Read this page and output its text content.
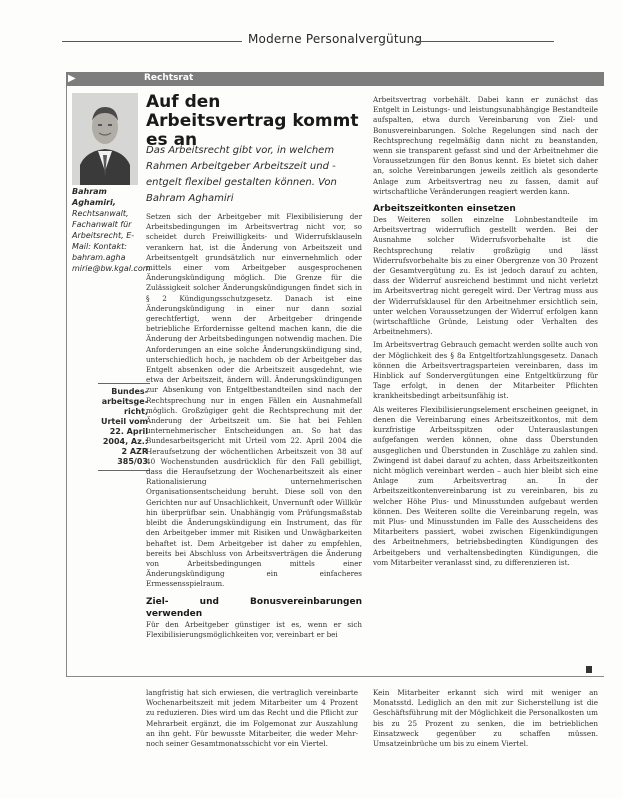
Moderne Personalvergütung
▶	Rechtsrat
Bahram Aghamiri,
Rechtsanwalt, Fachanwalt für Arbeitsrecht, E-Mail: Kontakt: bahram.agha mirie@bw.kgal.com
Bundes-arbeitsge-richt, Urteil vom 22. April 2004, Az.: 2 AZR 385/03
Auf den Arbeitsvertrag kommt es an
Das Arbeitsrecht gibt vor, in welchem Rahmen Arbeitgeber Arbeitszeit und -entgelt flexibel gestalten können. Von Bahram Aghamiri

Setzen sich der Arbeitgeber mit Flexibilisierung der Arbeitsbedingungen im Arbeitsvertrag nicht vor, so scheidet durch Freiwilligkeits- und Widerrufsklauseln verankern hat, ist die Änderung von Arbeitszeit und Arbeitsentgelt grundsätzlich nur einvernehmlich oder mittels einer vom Arbeitgeber ausgesprochenen Änderungskündigung möglich. Die Grenze für die Zulässigkeit solcher Änderungskündigungen findet sich in § 2 Kündigungsschutzgesetz. Danach ist eine Änderungskündigung in einer nur dann sozial gerechtfertigt, wenn der Arbeitgeber dringende betriebliche Erfordernisse geltend machen kann, die die Änderung der Arbeitsbedingungen notwendig machen. Die Anforderungen an eine solche Änderungskündigung sind, unterschiedlich hoch, je nachdem ob der Arbeitgeber das Entgelt absenken oder die Arbeitszeit ausgedehnt, wie etwa der Arbeitszeit, ändern will. Änderungskündigungen zur Absenkung von Entgeltbestandteilen sind nach der Rechtsprechung nur in engen Fällen ein Ausnahmefall möglich. Großzügiger geht die Rechtsprechung mit der Änderung der Arbeitszeit um. Sie hat bei Fehlen unternehmerischer Entscheidungen an. So hat das Bundesarbeitsgericht mit Urteil vom 22. April 2004 die Heraufsetzung der wöchentlichen Arbeitszeit von 38 auf 40 Wochenstunden ausdrücklich für den Fall gebilligt, dass die Heraufsetzung der Wochenarbeitszeit als einer Rationalisierung unternehmerischen Organisationsentscheidung beruht. Diese soll von den Gerichten nur auf Unsachlichkeit, Unvernunft oder Willkür hin überprüfbar sein. Unabhängig vom Prüfungsmaßstab bleibt die Änderungskündigung ein Instrument, das für den Arbeitgeber immer mit Risiken und Unwägbarkeiten behaftet ist. Dem Arbeitgeber ist daher zu empfehlen, bereits bei Abschluss von Arbeitsverträgen die Änderung von Arbeitsbedingungen mittels einer Änderungskündigung ein einfacheres Ermessensspielraum.

Ziel- und Bonusvereinbarungen verwenden

Für den Arbeitgeber günstiger ist es, wenn er sich Flexibilisierungsmöglichkeiten vor, vereinbart er bei

Arbeitsvertrag vorbehält. Dabei kann er zunächst das Entgelt in Leistungs- und leistungsunabhängige Bestandteile aufspalten, etwa durch Vereinbarung von Ziel- und Bonusvereinbarungen. Solche Regelungen sind nach der Rechtsprechung regelmäßig dann nicht zu beanstanden, wenn sie transparent gefasst sind und der Arbeitnehmer die Voraussetzungen für den Bonus kennt. Es bietet sich daher an, solche Vereinbarungen jeweils zeitlich als gesonderte Anlage zum Arbeitsvertrag neu zu fassen, damit auf wirtschaftliche Veränderungen reagiert werden kann.

Arbeitszeitkonten einsetzen

Des Weiteren sollen einzelne Lohnbestandteile im Arbeitsvertrag widerruflich gestellt werden. Bei der Ausnahme solcher Widerrufsvorbehalte ist die Rechtsprechung relativ großzügig und lässt Widerrufsvorbehalte bis zu einer Obergrenze von 30 Prozent der Gesamtvergütung zu. Es ist jedoch darauf zu achten, dass der Widerruf ausreichend bestimmt und nicht verletzt im Arbeitsvertrag nicht geregelt wird. Der Vertrag muss aus der Widerrufsklausel für den Arbeitnehmer ersichtlich sein, unter welchen Voraussetzungen der Widerruf erfolgen kann (wirtschaftliche Gründe, Leistung oder Verhalten des Arbeitnehmers).

Im Arbeitsvertrag Gebrauch gemacht werden sollte auch von der Möglichkeit des § 8a Entgeltfortzahlungsgesetz. Danach können die Arbeitsvertragsparteien vereinbaren, dass im Hinblick auf Sondervergütungen eine Entgeltkürzung für Tage erfolgt, in denen der Mitarbeiter Pflichten krankheitsbedingt arbeitsunfähig ist.

Als weiteres Flexibilisierungselement erscheinen geeignet, in denen die Vereinbarung eines Arbeitszeitkontos, mit dem kurzfristige Arbeitsspitzen oder Unterauslastungen aufgefangen werden können, ohne dass Überstunden ausgeglichen und Überstunden in Zuschläge zu zahlen sind. Zwingend ist dabei darauf zu achten, dass Arbeitszeitkonten nicht möglich vereinbart werden – auch hier bleibt sich eine Anlage zum Arbeitsvertrag an. In der Arbeitszeitkontenvereinbarung ist zu vereinbaren, bis zu welcher Höhe Plus- und Minusstunden aufgebaut werden können. Des Weiteren sollte die Vereinbarung regeln, was mit Plus- und Minusstunden im Falle des Ausscheidens des Mitarbeiters passiert, wobei zwischen Eigenkündigungen des Arbeitnehmers, betriebsbedingten Kündigungen des Arbeitgebers und verhaltensbedingten Kündigungen, die vom Mitarbeiter veranlasst sind, zu differenzieren ist.

langfristig hat sich erwiesen, die vertraglich vereinbarte Wochenarbeitszeit mit jedem Mitarbeiter um 4 Prozent zu reduzieren. Dies wird um das Recht und die Pflicht zur Mehrarbeit ergänzt, die im Folgemonat zur Auszahlung an ihn geht. Für bewusste Mitarbeiter, die weder Mehr- noch seiner Gesamtmonatsschicht vor ein Viertel.

Kein Mitarbeiter erkannt sich wird mit weniger an Monatsstd. Lediglich an den mit zur Sicherstellung ist die Geschäftsführung mit der Möglichkeit die Personalkosten um bis zu 25 Prozent zu senken, die im betrieblichen Einsatzweck gegenüber zu schaffen müssen. Umsatzeinbrüche um bis zu einem Viertel.
